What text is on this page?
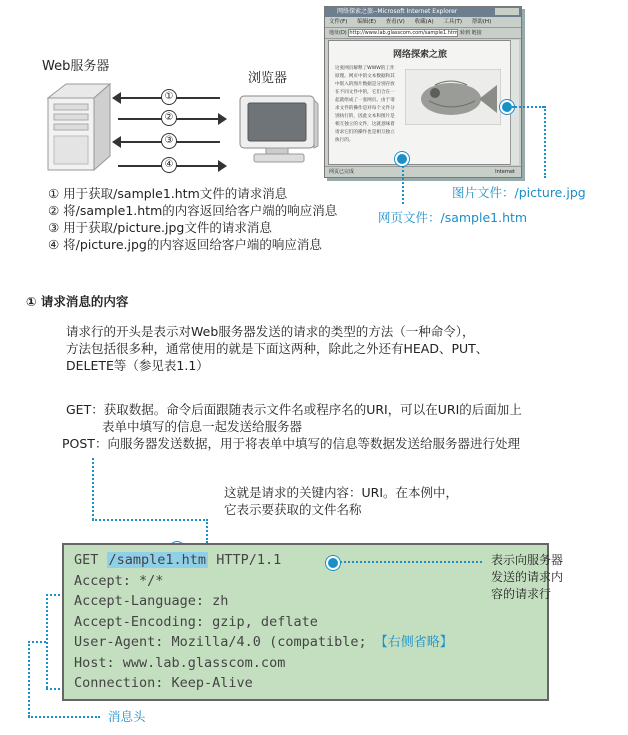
Web服务器
①
②
③
④
浏览器
网络探索之旅--Microsoft Internet Explorer
文件(F) 编辑(E) 查看(V) 收藏(A) 工具(T) 帮助(H)
地址(D) http://www.lab.glasscom.com/sample1.htm 转到 链接
网络探索之旅
这张网页解释了WWW的工作原理。网页中的文本数据和其中嵌入的图片数据是分别存放在不同文件中的，它们合在一起就组成了一张网页。由于请求文件的操作是对每个文件分别执行的，因此文本和图片是相互独立的文件，这就意味着请求它们的操作也是相互独立执行的。
网页已完成	Internet
图片文件：/picture.jpg
网页文件：/sample1.htm
① 用于获取/sample1.htm文件的请求消息
② 将/sample1.htm的内容返回给客户端的响应消息
③ 用于获取/picture.jpg文件的请求消息
④ 将/picture.jpg的内容返回给客户端的响应消息
① 请求消息的内容
请求行的开头是表示对Web服务器发送的请求的类型的方法（一种命令），
方法包括很多种，通常使用的就是下面这两种，除此之外还有HEAD、PUT、
DELETE等（参见表1.1）
GET：获取数据。命令后面跟随表示文件名或程序名的URI，可以在URI的后面加上
表单中填写的信息一起发送给服务器
POST：向服务器发送数据，用于将表单中填写的信息等数据发送给服务器进行处理
这就是请求的关键内容：URI。在本例中，
它表示要获取的文件名称
GET /sample1.htm HTTP/1.1
Accept: */*
Accept-Language: zh
Accept-Encoding: gzip, deflate
User-Agent: Mozilla/4.0 (compatible; 【右侧省略】
Host: www.lab.glasscom.com
Connection: Keep-Alive
表示向服务器
发送的请求内
容的请求行
消息头
